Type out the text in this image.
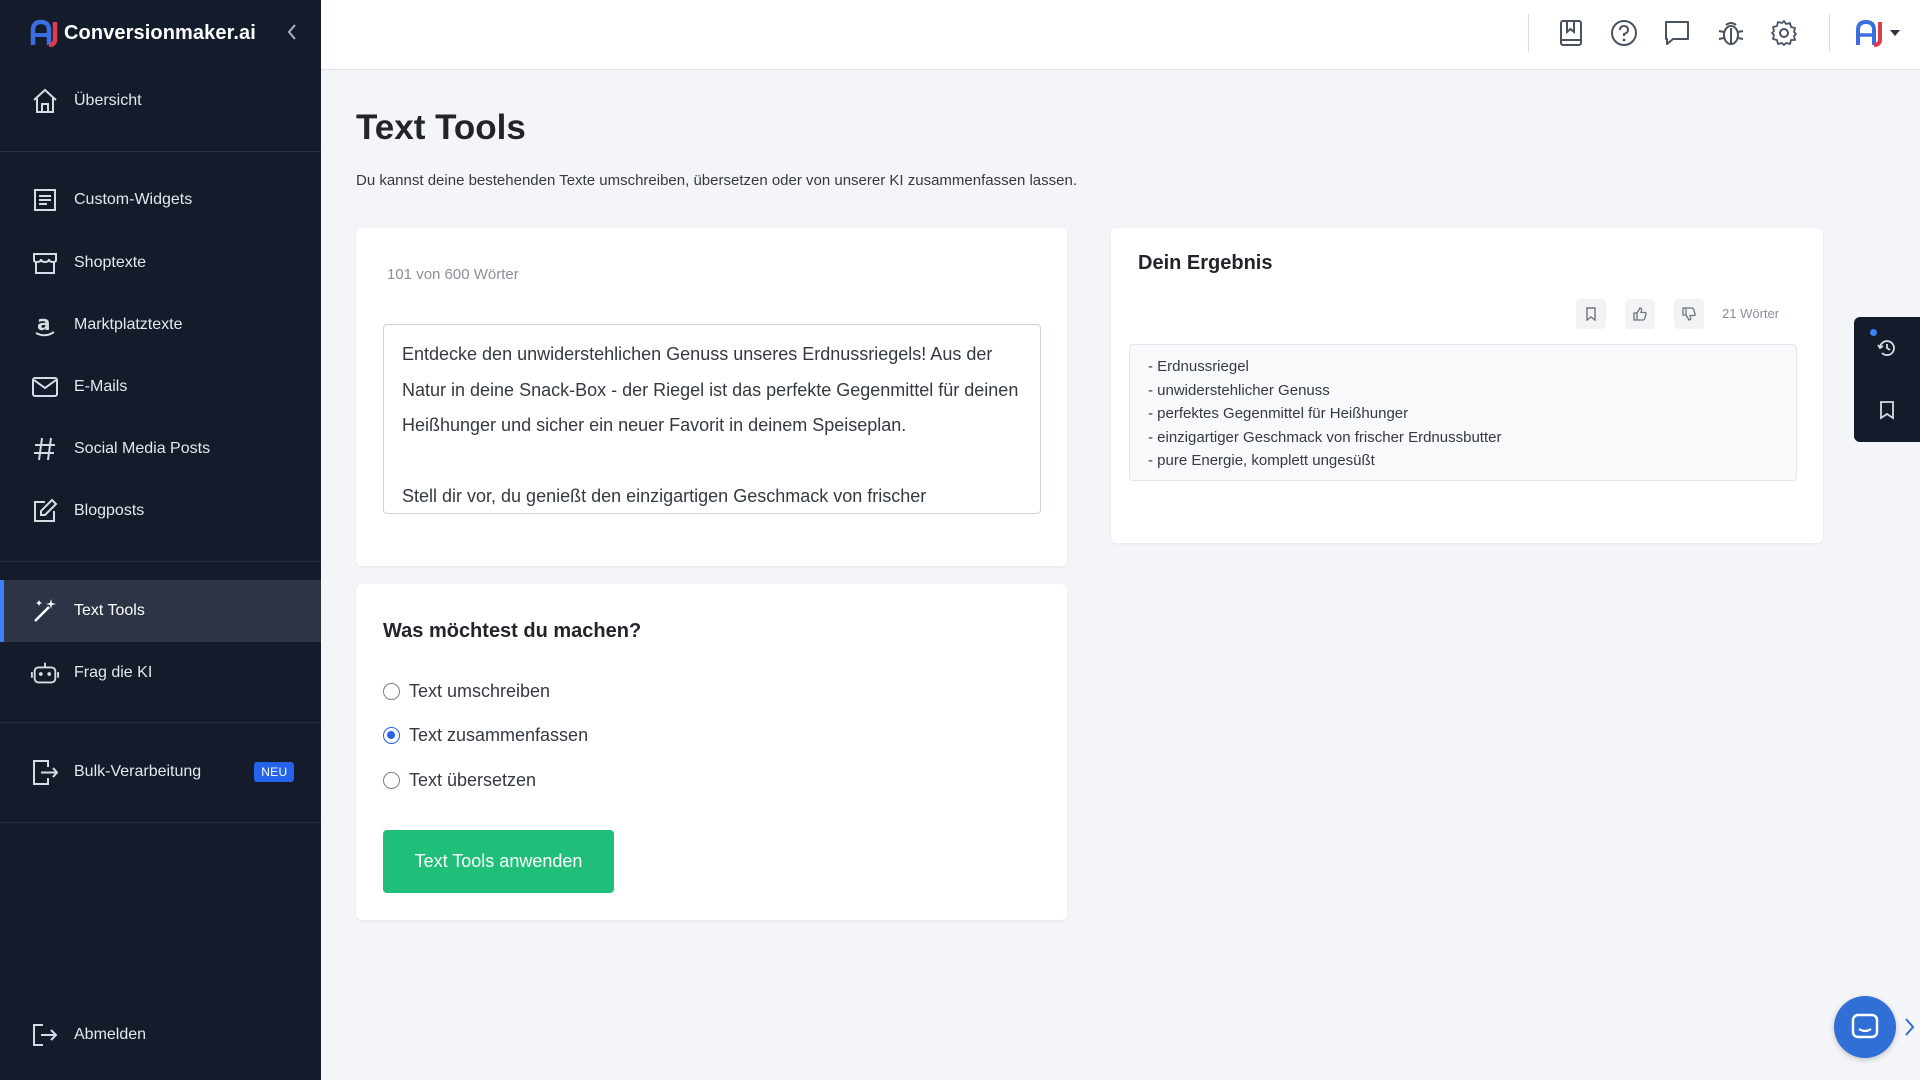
Conversionmaker.ai
Übersicht
Custom-Widgets
Shoptexte
a Marktplatztexte
E-Mails
Social Media Posts
Blogposts
Text Tools
Frag die KI
Bulk-Verarbeitung	NEU
Abmelden
Text Tools
Du kannst deine bestehenden Texte umschreiben, übersetzen oder von unserer KI zusammenfassen lassen.
101 von 600 Wörter

Entdecke den unwiderstehlichen Genuss unseres Erdnussriegels! Aus der Natur in deine Snack-Box - der Riegel ist das perfekte Gegenmittel für deinen Heißhunger und sicher ein neuer Favorit in deinem Speiseplan.

Stell dir vor, du genießt den einzigartigen Geschmack von frischer

Was möchtest du machen?
Text umschreiben
Text zusammenfassen
Text übersetzen
Text Tools anwenden
Dein Ergebnis
21 Wörter
- Erdnussriegel
- unwiderstehlicher Genuss
- perfektes Gegenmittel für Heißhunger
- einzigartiger Geschmack von frischer Erdnussbutter
- pure Energie, komplett ungesüßt
